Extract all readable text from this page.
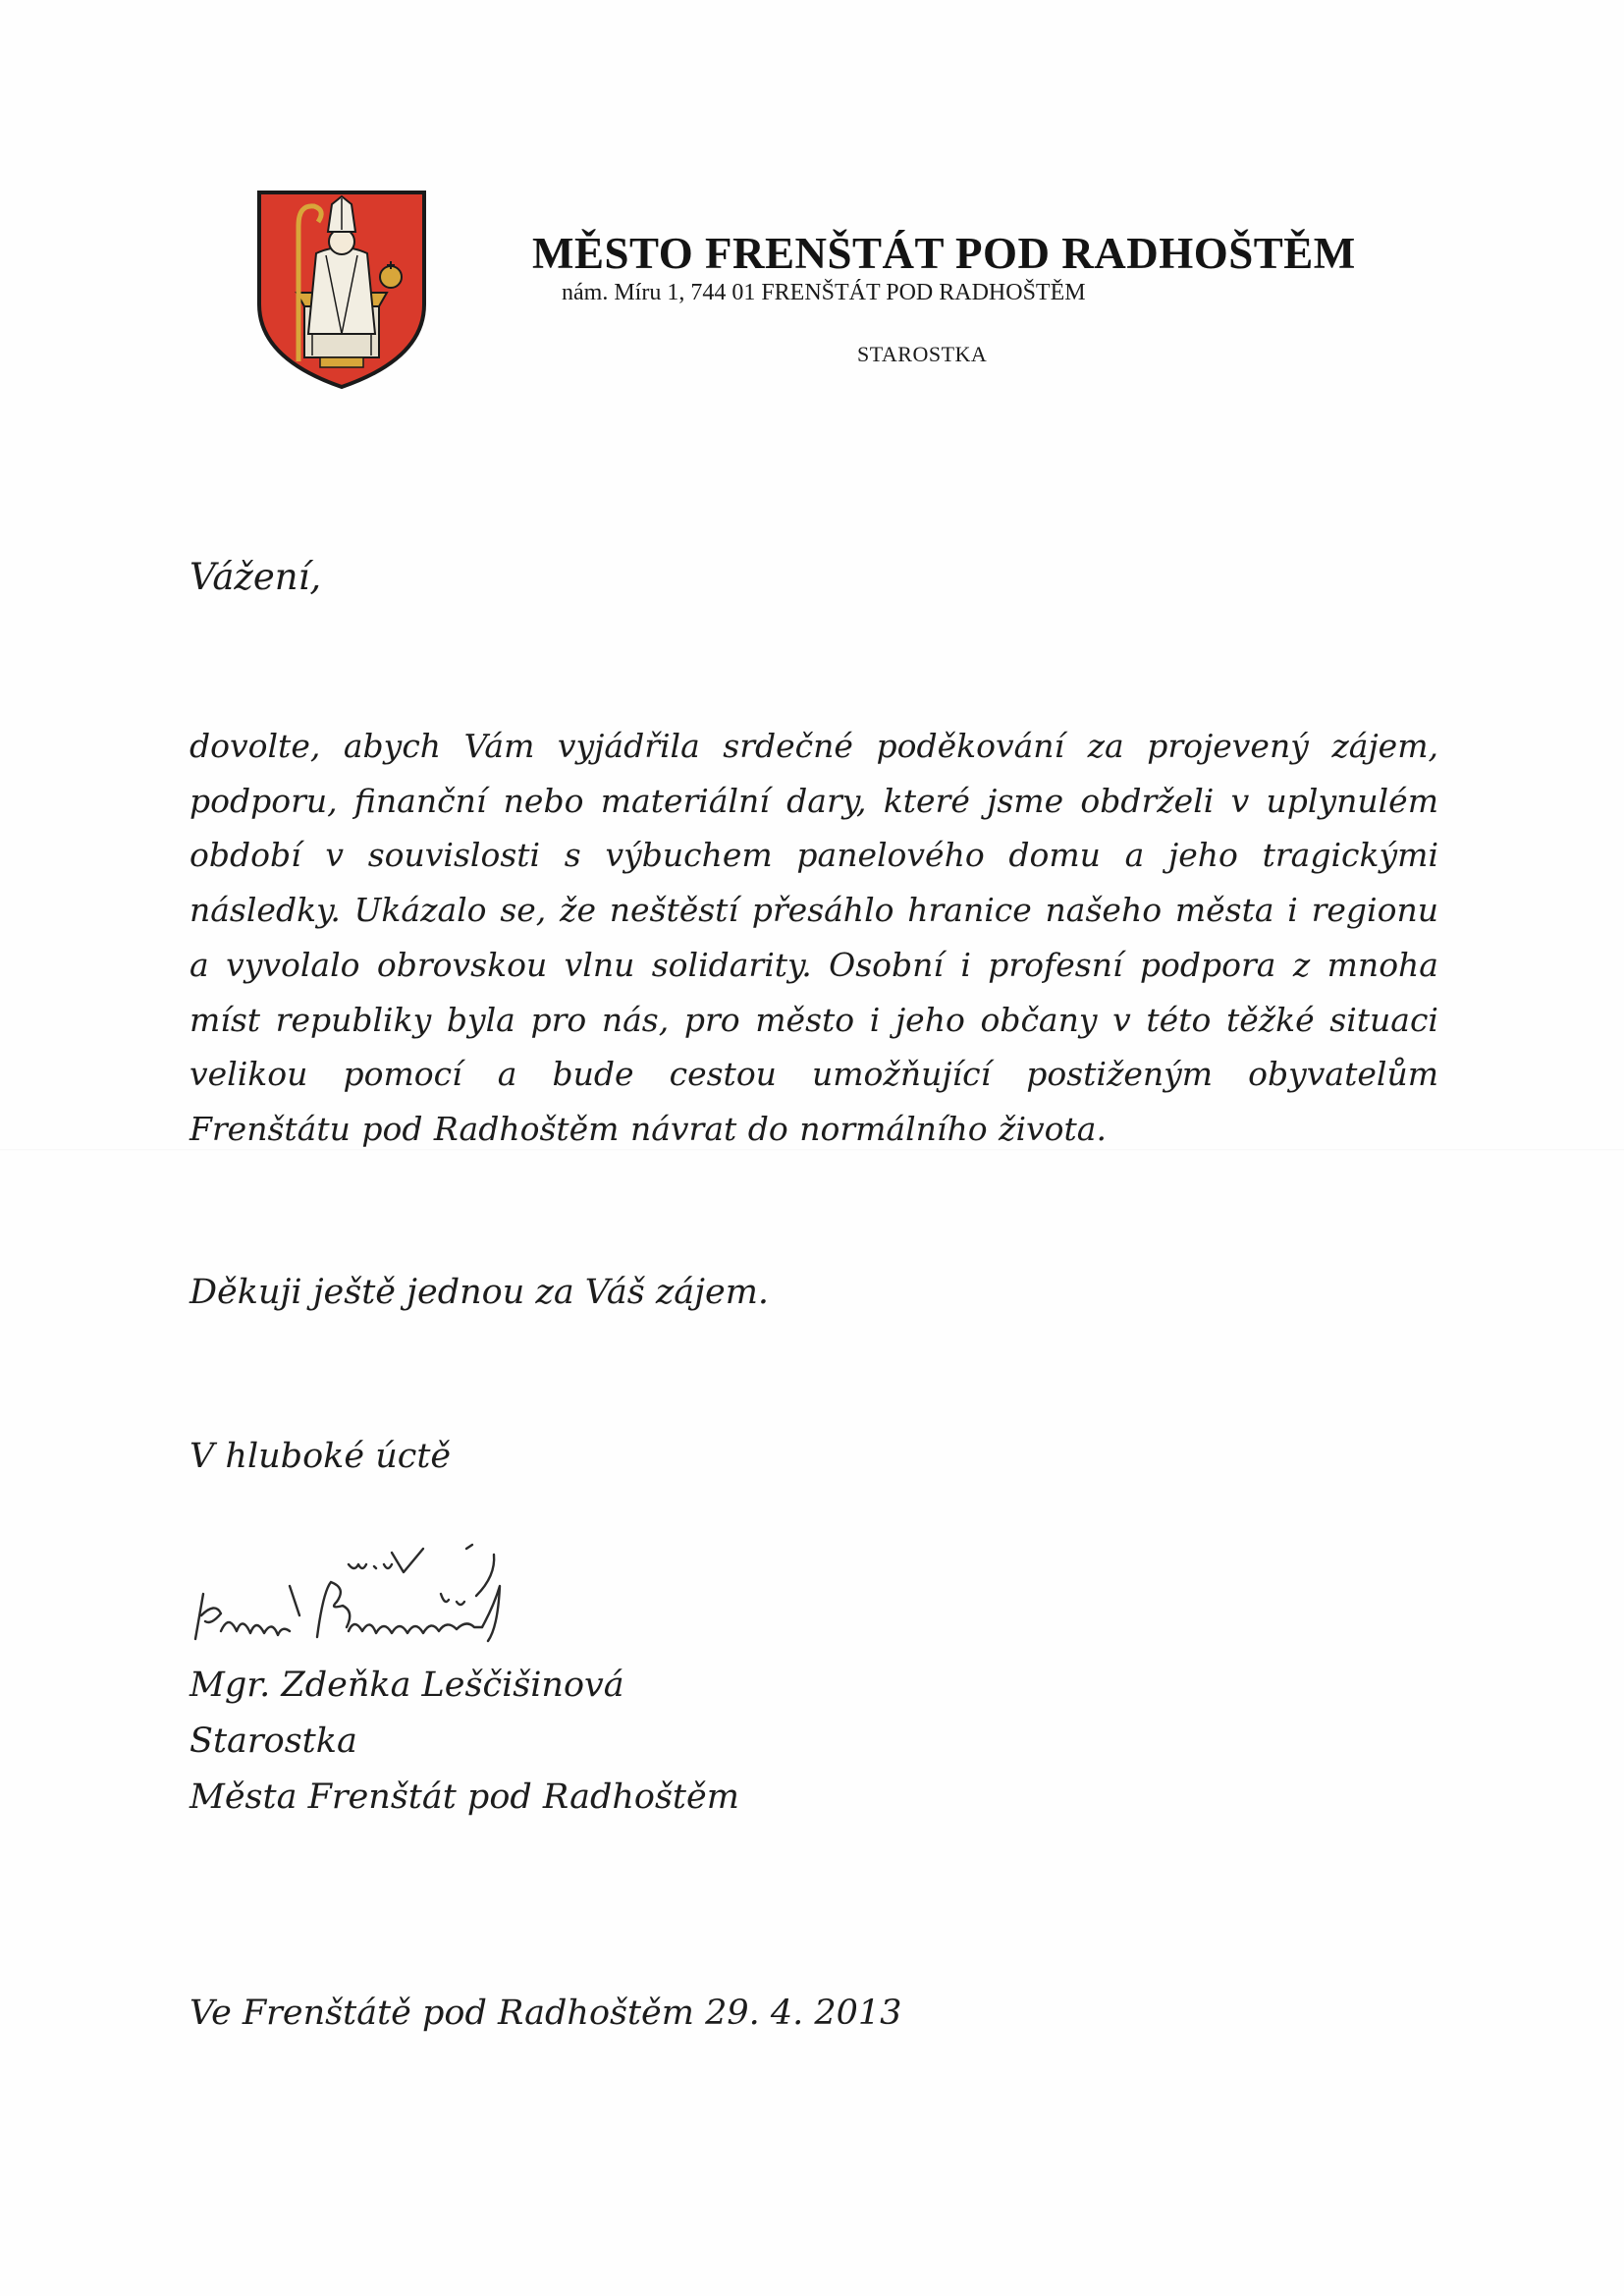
MĚSTO FRENŠTÁT POD RADHOŠTĚM
nám. Míru 1, 744 01 FRENŠTÁT POD RADHOŠTĚM
STAROSTKA
Vážení,

dovolte, abych Vám vyjádřila srdečné poděkování za projevený zájem, podporu, finanční nebo materiální dary, které jsme obdrželi v uplynulém období v souvislosti s výbuchem panelového domu a jeho tragickými následky. Ukázalo se, že neštěstí přesáhlo hranice našeho města i regionu a vyvolalo obrovskou vlnu solidarity. Osobní i profesní podpora z mnoha míst republiky byla pro nás, pro město i jeho občany v této těžké situaci velikou pomocí a bude cestou umožňující postiženým obyvatelům Frenštátu pod Radhoštěm návrat do normálního života.

Děkuji ještě jednou za Váš zájem.
V hluboké úctě
Mgr. Zdeňka Leščišinová
Starostka
Města Frenštát pod Radhoštěm
Ve Frenštátě pod Radhoštěm 29. 4. 2013
